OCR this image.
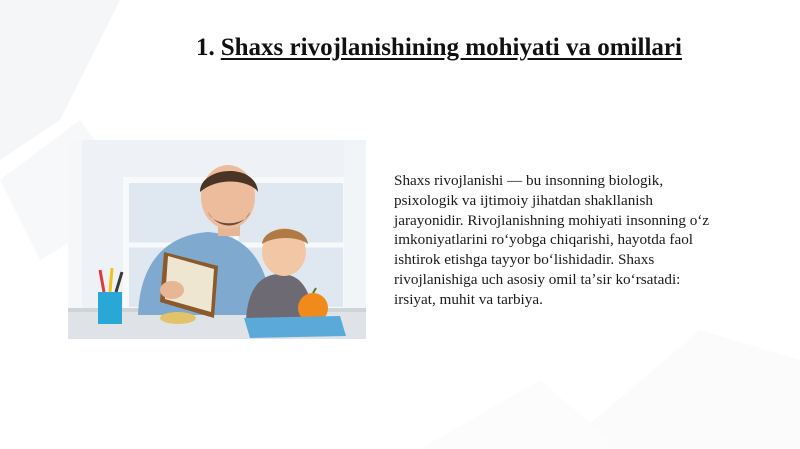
1. Shaxs rivojlanishining mohiyati va omillari
Shaxs rivojlanishi — bu insonning biologik, psixologik va ijtimoiy jihatdan shakllanish jarayonidir. Rivojlanishning mohiyati insonning oʻz imkoniyatlarini roʻyobga chiqarishi, hayotda faol ishtirok etishga tayyor boʻlishidadir. Shaxs rivojlanishiga uch asosiy omil taʼsir koʻrsatadi: irsiyat, muhit va tarbiya.
